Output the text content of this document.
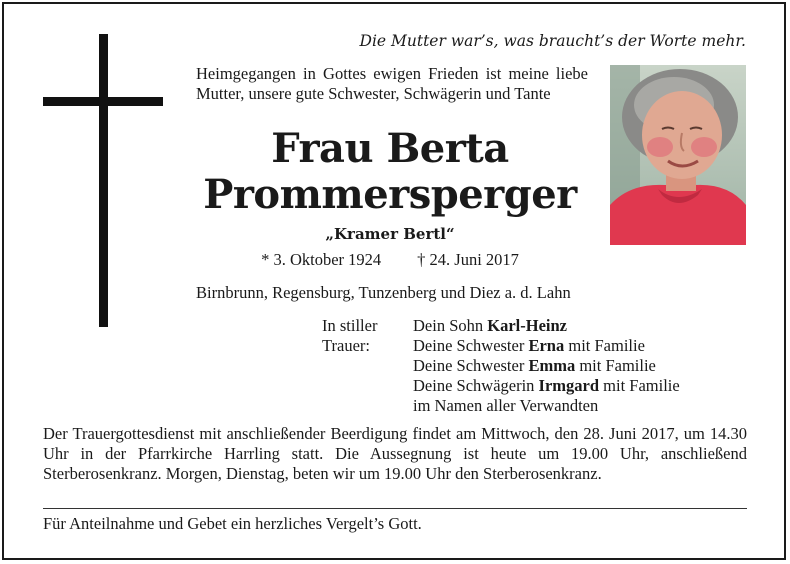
Die Mutter war’s, was braucht’s der Worte mehr.
Heimgegangen in Gottes ewigen Frieden ist meine liebe Mutter, unsere gute Schwester, Schwägerin und Tante
Frau Berta
Prommersperger
„Kramer Bertl“
* 3. Oktober 1924 † 24. Juni 2017
Birnbrunn, Regensburg, Tunzenberg und Diez a. d. Lahn
In stiller
Trauer:
Dein Sohn Karl-Heinz
Deine Schwester Erna mit Familie
Deine Schwester Emma mit Familie
Deine Schwägerin Irmgard mit Familie
im Namen aller Verwandten
Der Trauergottesdienst mit anschließender Beerdigung findet am Mittwoch, den 28. Juni 2017, um 14.30 Uhr in der Pfarrkirche Harrling statt. Die Aussegnung ist heute um 19.00 Uhr, anschließend Sterberosenkranz. Morgen, Dienstag, beten wir um 19.00 Uhr den Sterberosenkranz.
Für Anteilnahme und Gebet ein herzliches Vergelt’s Gott.
